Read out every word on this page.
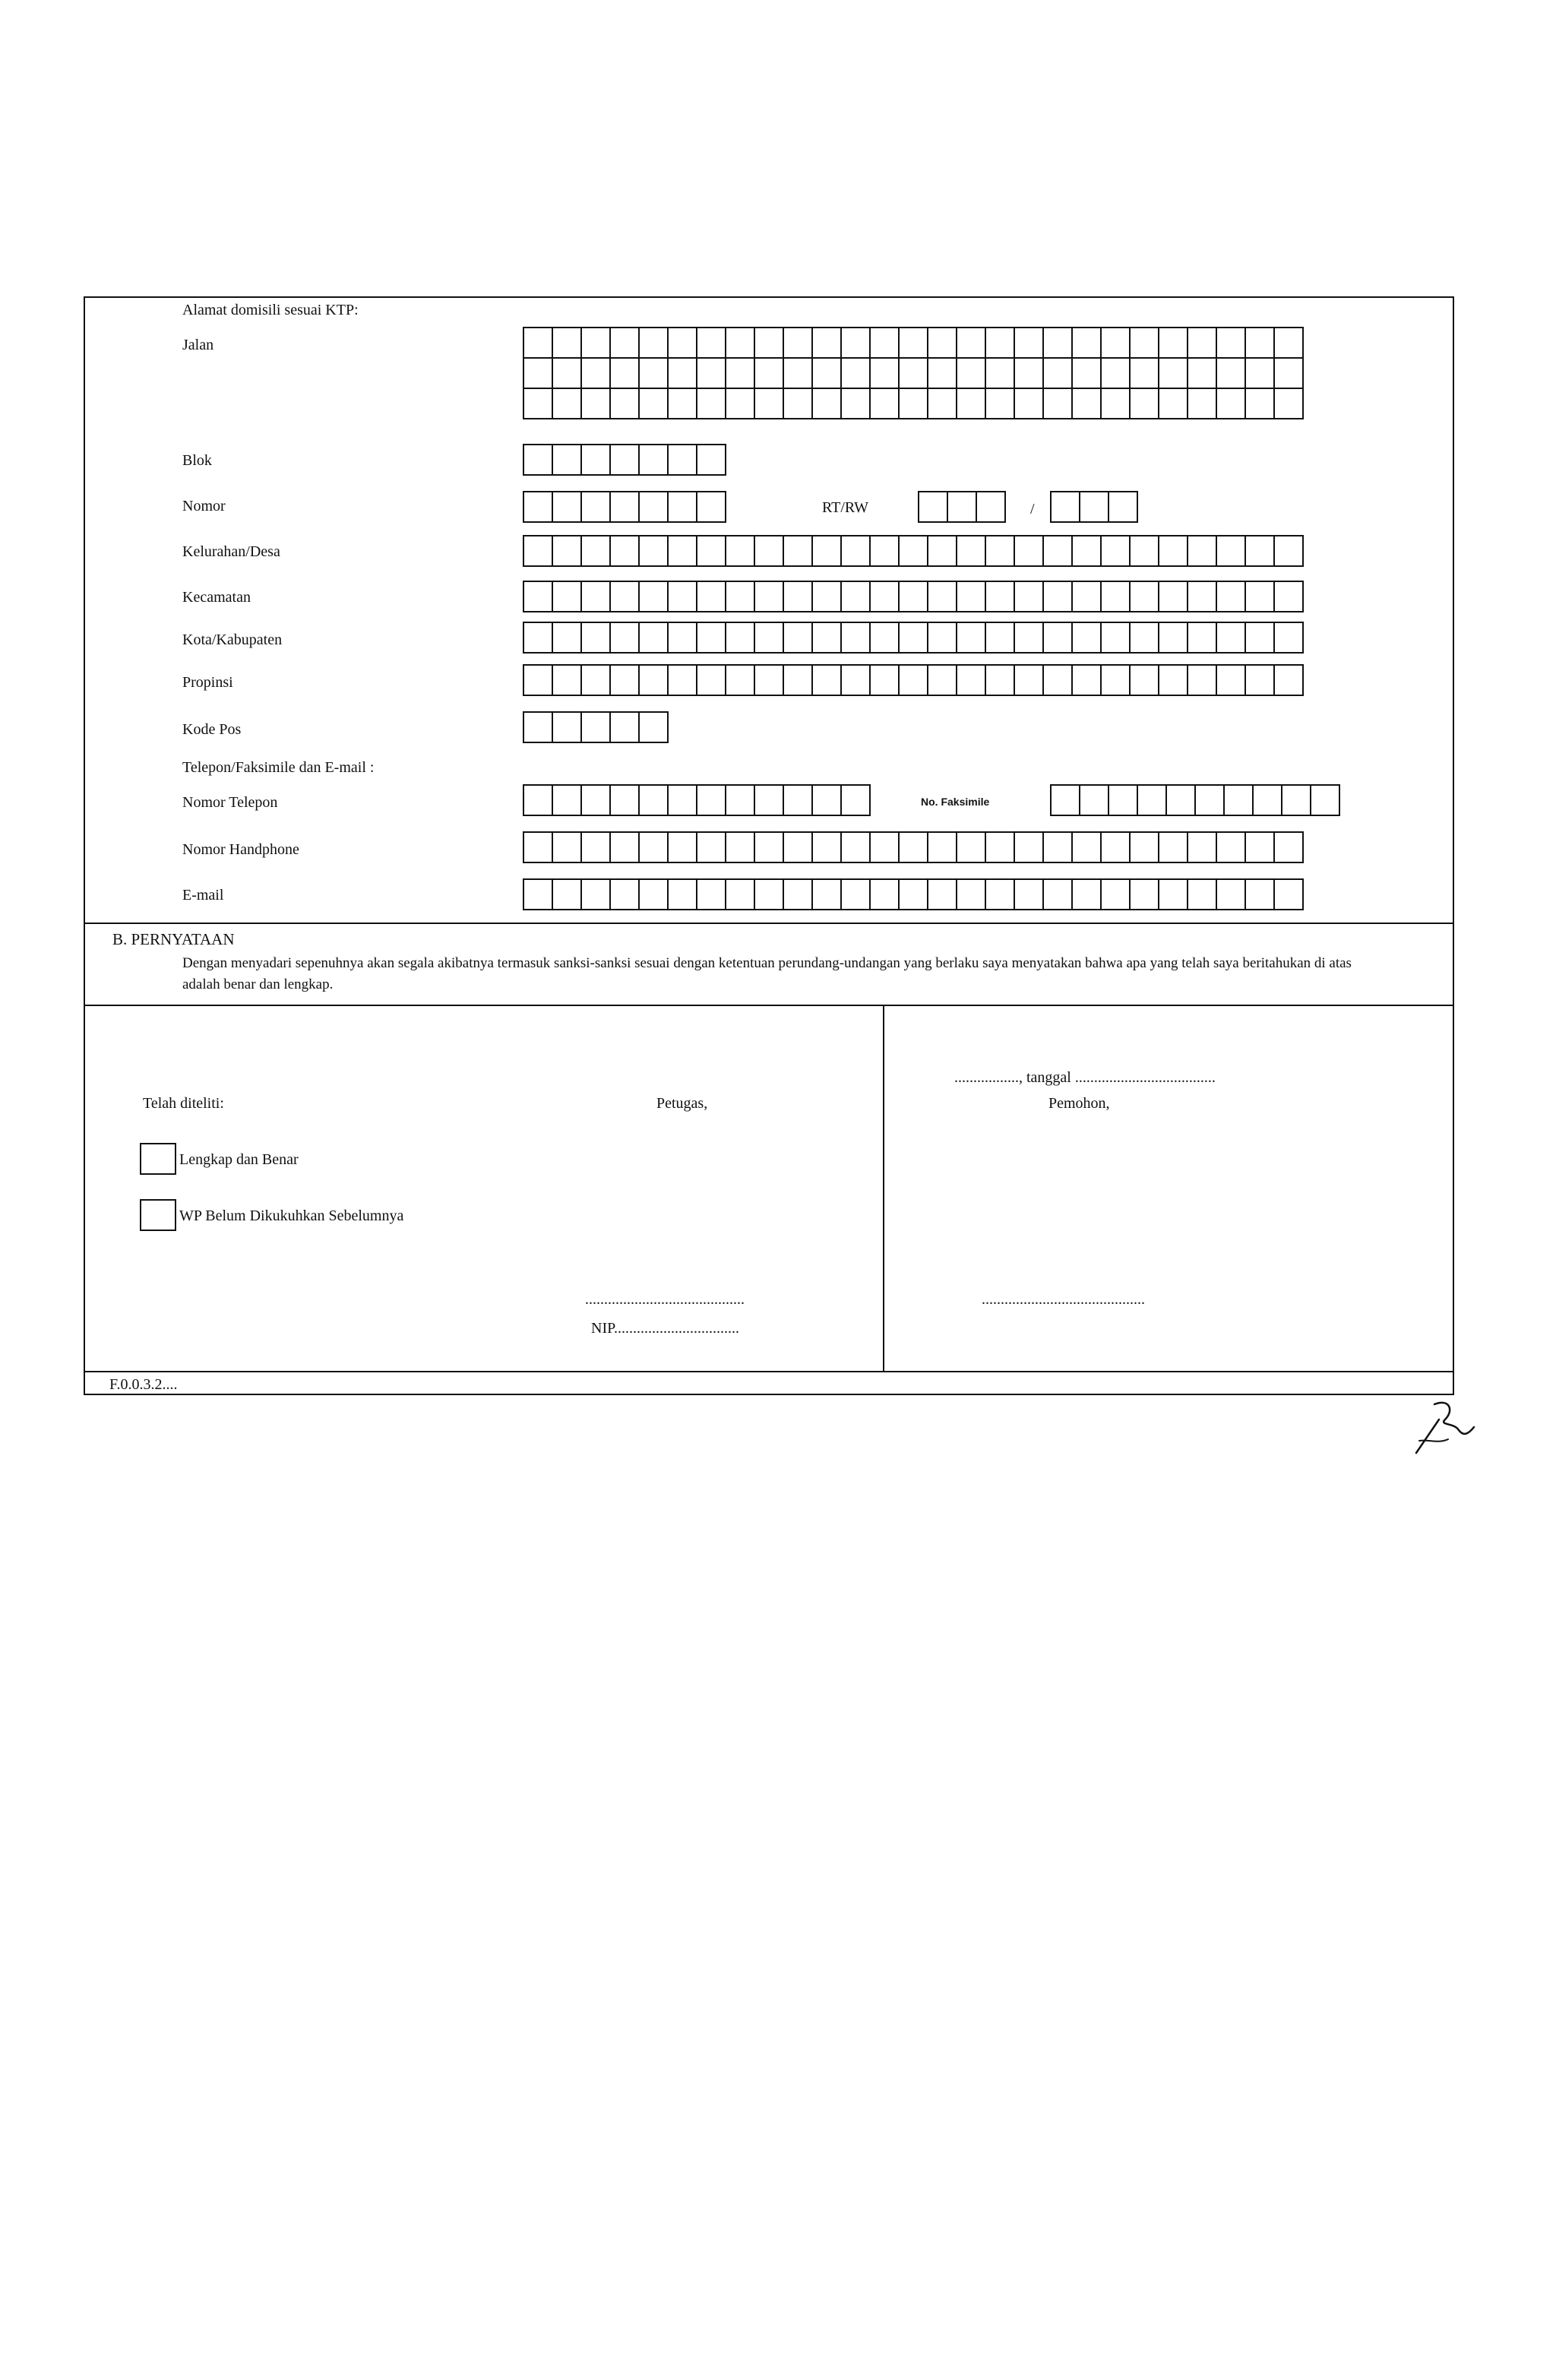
Alamat domisili sesuai KTP:
Jalan
Blok
Nomor	RT/RW	/
Kelurahan/Desa
Kecamatan
Kota/Kabupaten
Propinsi
Kode Pos
Telepon/Faksimile dan E-mail :
Nomor Telepon	No. Faksimile
Nomor Handphone
E-mail
B. PERNYATAAN
Dengan menyadari sepenuhnya akan segala akibatnya termasuk sanksi-sanksi sesuai dengan ketentuan perundang-undangan yang berlaku saya menyatakan bahwa apa yang telah saya beritahukan di atas adalah benar dan lengkap.
Telah diteliti:	Petugas,
Lengkap dan Benar
WP Belum Dikukuhkan Sebelumnya
..........................................
NIP.................................
................., tanggal .....................................
Pemohon,
...........................................
F.0.0.3.2....
